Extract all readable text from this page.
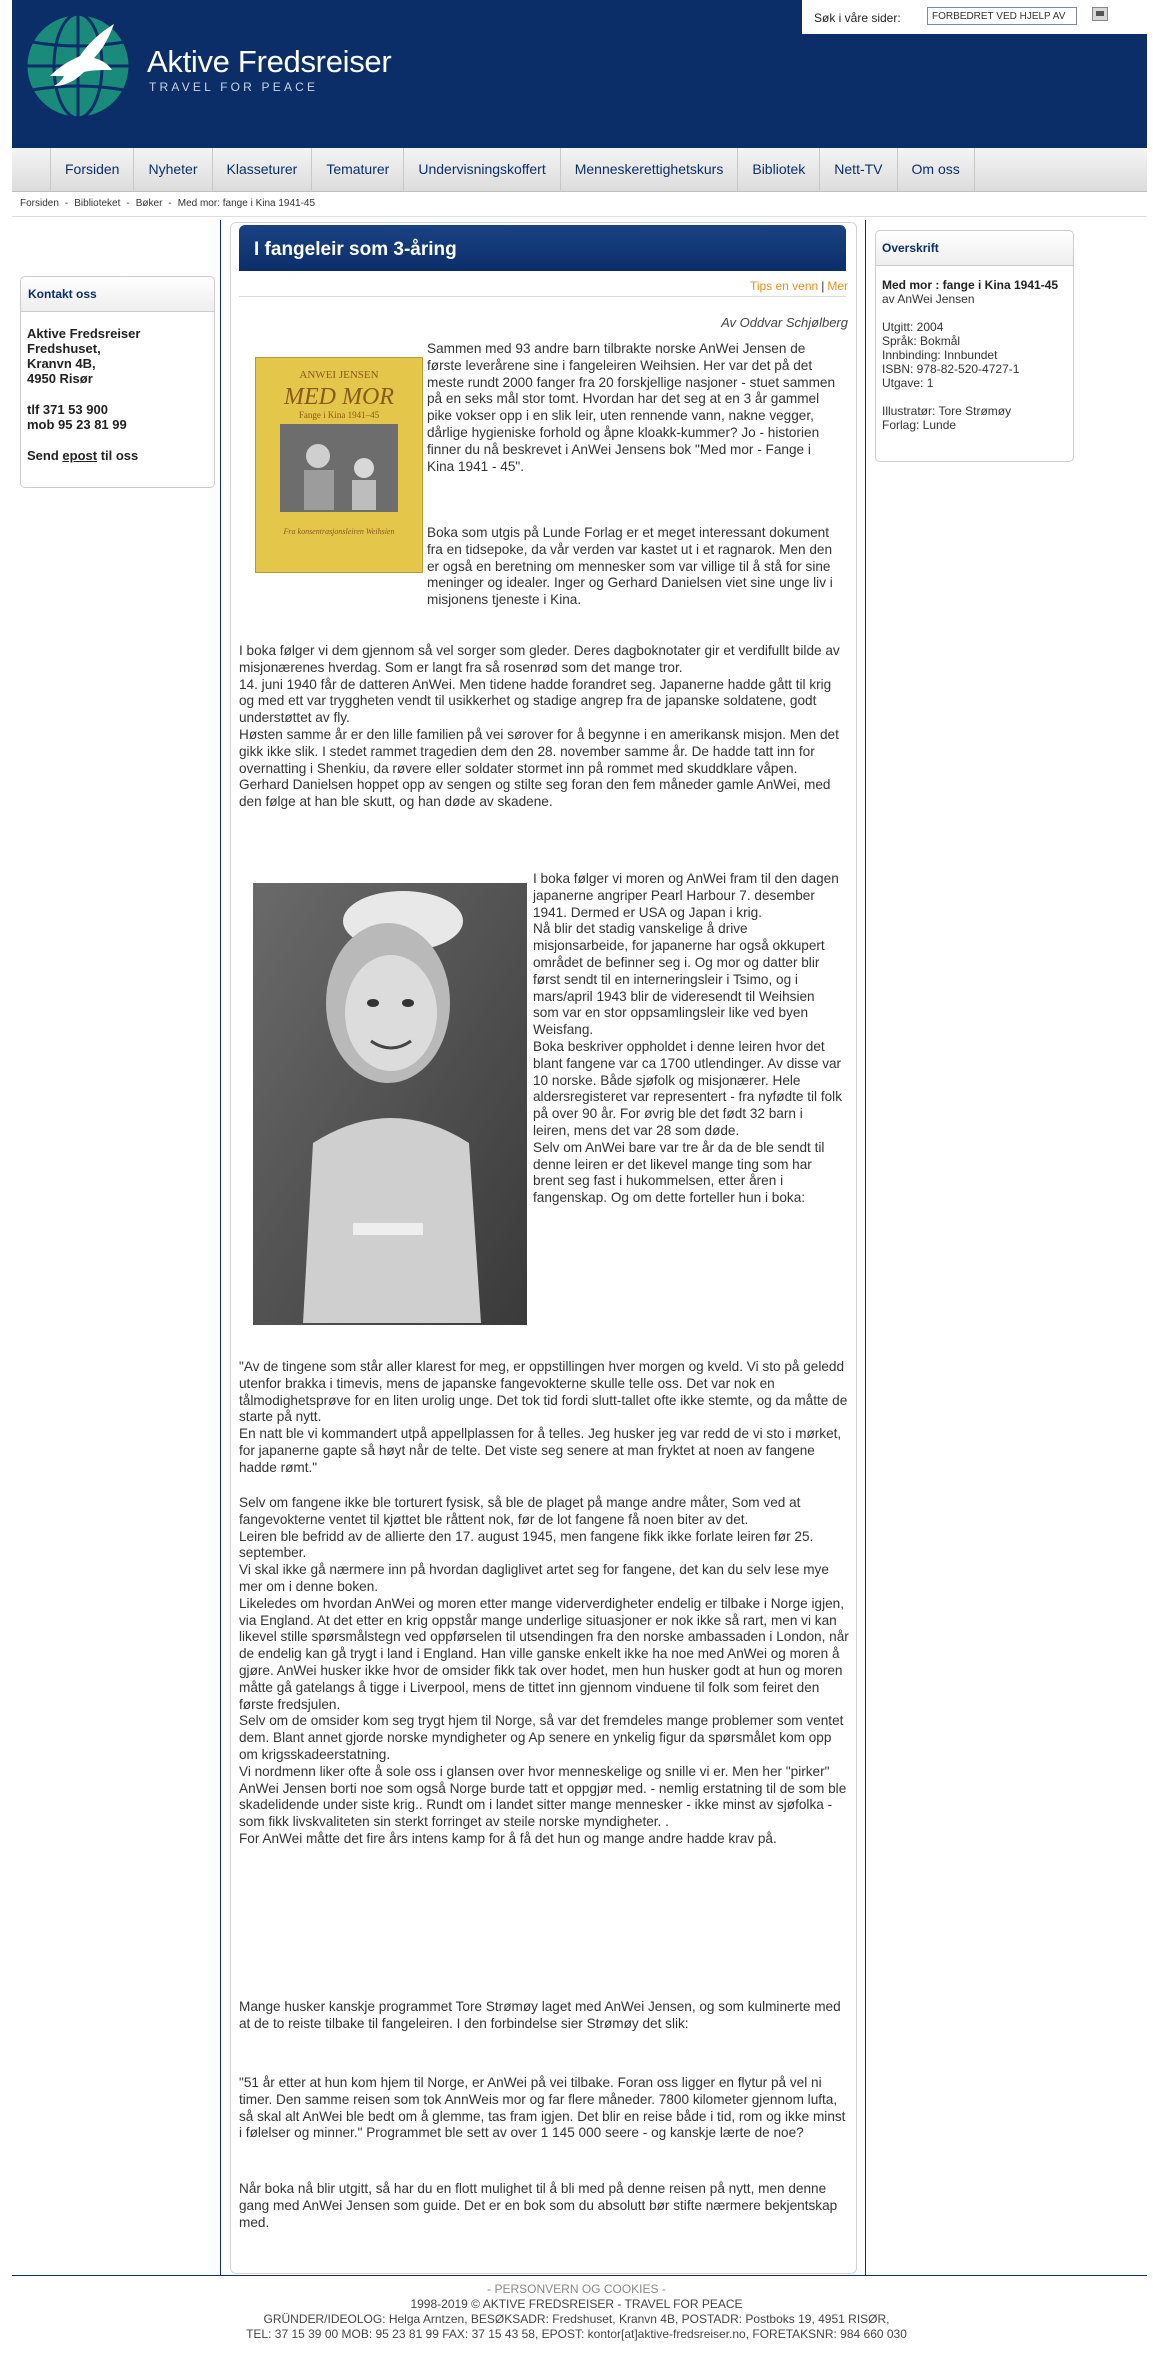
Aktive Fredsreiser
TRAVEL FOR PEACE
Søk i våre sider:
FORBEDRET VED HJELP AV
Forsiden	Nyheter	Klasseturer	Tematurer	Undervisningskoffert	Menneskerettighetskurs	Bibliotek	Nett-TV	Om oss
Forsiden - Biblioteket - Bøker - Med mor: fange i Kina 1941-45
Kontakt oss
Aktive Fredsreiser
Fredshuset,
Kranvn 4B,
4950 Risør
tlf 371 53 900
mob 95 23 81 99
Send epost til oss
Overskrift
Med mor : fange i Kina 1941-45
av AnWei Jensen
Utgitt: 2004
Språk: Bokmål
Innbinding: Innbundet
ISBN: 978-82-520-4727-1
Utgave: 1
Illustratør: Tore Strømøy
Forlag: Lunde
I fangeleir som 3-åring
Tips en venn | Mer
Av Oddvar Schjølberg
ANWEI JENSEN
MED MOR
Fange i Kina 1941–45
Fra konsentrasjonsleiren Weihsien
Sammen med 93 andre barn tilbrakte norske AnWei Jensen de første leverårene sine i fangeleiren Weihsien. Her var det på det meste rundt 2000 fanger fra 20 forskjellige nasjoner - stuet sammen på en seks mål stor tomt. Hvordan har det seg at en 3 år gammel pike vokser opp i en slik leir, uten rennende vann, nakne vegger, dårlige hygieniske forhold og åpne kloakk-kummer? Jo - historien finner du nå beskrevet i AnWei Jensens bok "Med mor - Fange i Kina 1941 - 45".
Boka som utgis på Lunde Forlag er et meget interessant dokument fra en tidsepoke, da vår verden var kastet ut i et ragnarok. Men den er også en beretning om mennesker som var villige til å stå for sine meninger og idealer. Inger og Gerhard Danielsen viet sine unge liv i misjonens tjeneste i Kina.

I boka følger vi dem gjennom så vel sorger som gleder. Deres dagboknotater gir et verdifullt bilde av misjonærenes hverdag. Som er langt fra så rosenrød som det mange tror.

14. juni 1940 får de datteren AnWei. Men tidene hadde forandret seg. Japanerne hadde gått til krig og med ett var tryggheten vendt til usikkerhet og stadige angrep fra de japanske soldatene, godt understøttet av fly.

Høsten samme år er den lille familien på vei sørover for å begynne i en amerikansk misjon. Men det gikk ikke slik. I stedet rammet tragedien dem den 28. november samme år. De hadde tatt inn for overnatting i Shenkiu, da røvere eller soldater stormet inn på rommet med skuddklare våpen.

Gerhard Danielsen hoppet opp av sengen og stilte seg foran den fem måneder gamle AnWei, med den følge at han ble skutt, og han døde av skadene.

I boka følger vi moren og AnWei fram til den dagen japanerne angriper Pearl Harbour 7. desember 1941. Dermed er USA og Japan i krig.

Nå blir det stadig vanskelige å drive misjonsarbeide, for japanerne har også okkupert området de befinner seg i. Og mor og datter blir først sendt til en interneringsleir i Tsimo, og i mars/april 1943 blir de videresendt til Weihsien som var en stor oppsamlingsleir like ved byen Weisfang.

Boka beskriver oppholdet i denne leiren hvor det blant fangene var ca 1700 utlendinger. Av disse var 10 norske. Både sjøfolk og misjonærer. Hele aldersregisteret var representert - fra nyfødte til folk på over 90 år. For øvrig ble det født 32 barn i leiren, mens det var 28 som døde.

Selv om AnWei bare var tre år da de ble sendt til denne leiren er det likevel mange ting som har brent seg fast i hukommelsen, etter åren i fangenskap. Og om dette forteller hun i boka:

"Av de tingene som står aller klarest for meg, er oppstillingen hver morgen og kveld. Vi sto på geledd utenfor brakka i timevis, mens de japanske fangevokterne skulle telle oss. Det var nok en tålmodighetsprøve for en liten urolig unge. Det tok tid fordi slutt-tallet ofte ikke stemte, og da måtte de starte på nytt.

En natt ble vi kommandert utpå appellplassen for å telles. Jeg husker jeg var redd de vi sto i mørket, for japanerne gapte så høyt når de telte. Det viste seg senere at man fryktet at noen av fangene hadde rømt."

Selv om fangene ikke ble torturert fysisk, så ble de plaget på mange andre måter, Som ved at fangevokterne ventet til kjøttet ble råttent nok, før de lot fangene få noen biter av det.

Leiren ble befridd av de allierte den 17. august 1945, men fangene fikk ikke forlate leiren før 25. september.

Vi skal ikke gå nærmere inn på hvordan dagliglivet artet seg for fangene, det kan du selv lese mye mer om i denne boken.

Likeledes om hvordan AnWei og moren etter mange viderverdigheter endelig er tilbake i Norge igjen, via England. At det etter en krig oppstår mange underlige situasjoner er nok ikke så rart, men vi kan likevel stille spørsmålstegn ved oppførselen til utsendingen fra den norske ambassaden i London, når de endelig kan gå trygt i land i England. Han ville ganske enkelt ikke ha noe med AnWei og moren å gjøre. AnWei husker ikke hvor de omsider fikk tak over hodet, men hun husker godt at hun og moren måtte gå gatelangs å tigge i Liverpool, mens de tittet inn gjennom vinduene til folk som feiret den første fredsjulen.

Selv om de omsider kom seg trygt hjem til Norge, så var det fremdeles mange problemer som ventet dem. Blant annet gjorde norske myndigheter og Ap senere en ynkelig figur da spørsmålet kom opp om krigsskadeerstatning.

Vi nordmenn liker ofte å sole oss i glansen over hvor menneskelige og snille vi er. Men her "pirker" AnWei Jensen borti noe som også Norge burde tatt et oppgjør med. - nemlig erstatning til de som ble skadelidende under siste krig.. Rundt om i landet sitter mange mennesker - ikke minst av sjøfolka - som fikk livskvaliteten sin sterkt forringet av steile norske myndigheter. .

For AnWei måtte det fire års intens kamp for å få det hun og mange andre hadde krav på.

Mange husker kanskje programmet Tore Strømøy laget med AnWei Jensen, og som kulminerte med at de to reiste tilbake til fangeleiren. I den forbindelse sier Strømøy det slik:
"51 år etter at hun kom hjem til Norge, er AnWei på vei tilbake. Foran oss ligger en flytur på vel ni timer. Den samme reisen som tok AnnWeis mor og far flere måneder. 7800 kilometer gjennom lufta, så skal alt AnWei ble bedt om å glemme, tas fram igjen. Det blir en reise både i tid, rom og ikke minst i følelser og minner." Programmet ble sett av over 1 145 000 seere - og kanskje lærte de noe?
Når boka nå blir utgitt, så har du en flott mulighet til å bli med på denne reisen på nytt, men denne gang med AnWei Jensen som guide. Det er en bok som du absolutt bør stifte nærmere bekjentskap med.
- PERSONVERN OG COOKIES -
1998-2019 © AKTIVE FREDSREISER - TRAVEL FOR PEACE
GRÜNDER/IDEOLOG: Helga Arntzen, BESØKSADR: Fredshuset, Kranvn 4B, POSTADR: Postboks 19, 4951 RISØR,
TEL: 37 15 39 00 MOB: 95 23 81 99 FAX: 37 15 43 58, EPOST: kontor[at]aktive-fredsreiser.no, FORETAKSNR: 984 660 030
